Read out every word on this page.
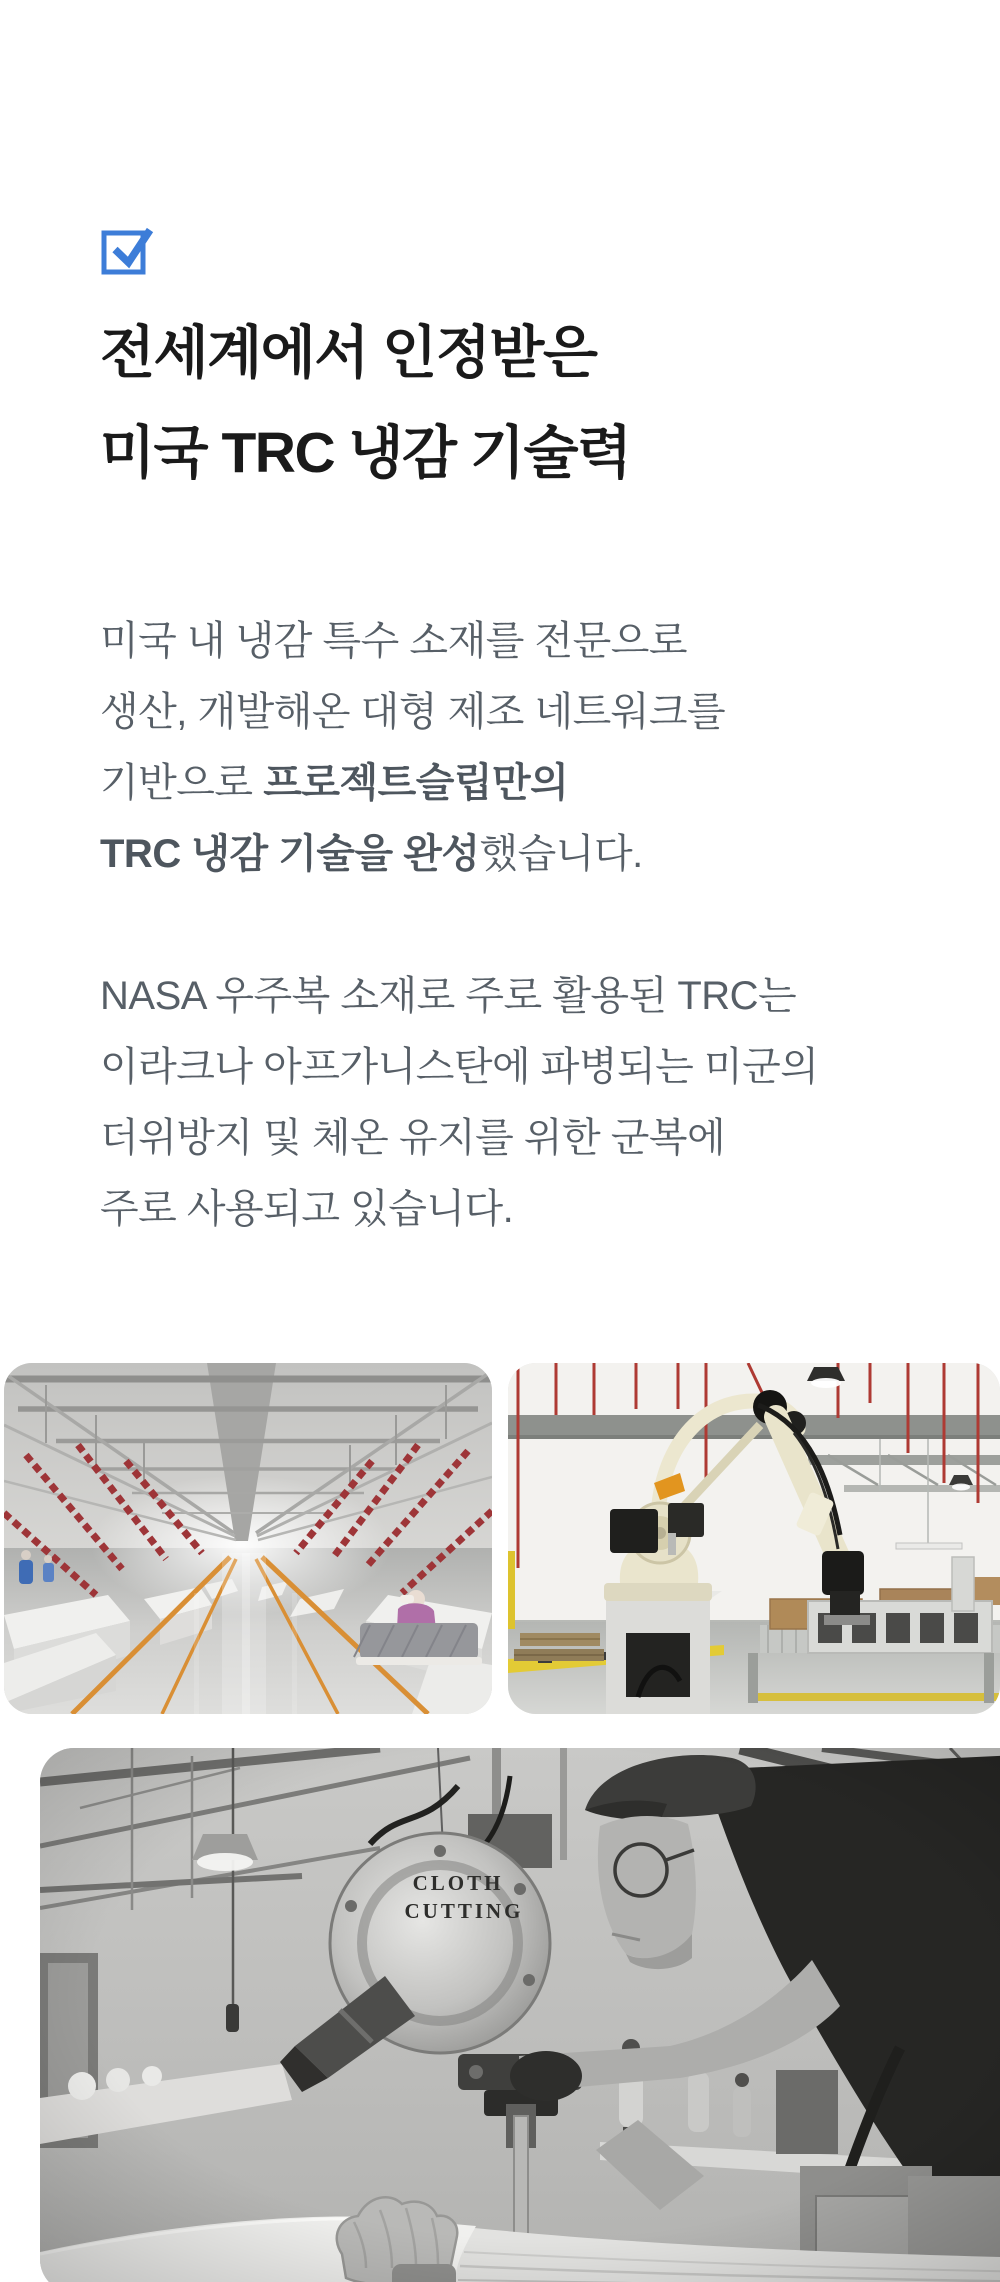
전세계에서 인정받은
미국 TRC 냉감 기술력

미국 내 냉감 특수 소재를 전문으로
생산, 개발해온 대형 제조 네트워크를
기반으로 프로젝트슬립만의
TRC 냉감 기술을 완성했습니다.

NASA 우주복 소재로 주로 활용된 TRC는
이라크나 아프가니스탄에 파병되는 미군의
더위방지 및 체온 유지를 위한 군복에
주로 사용되고 있습니다.
